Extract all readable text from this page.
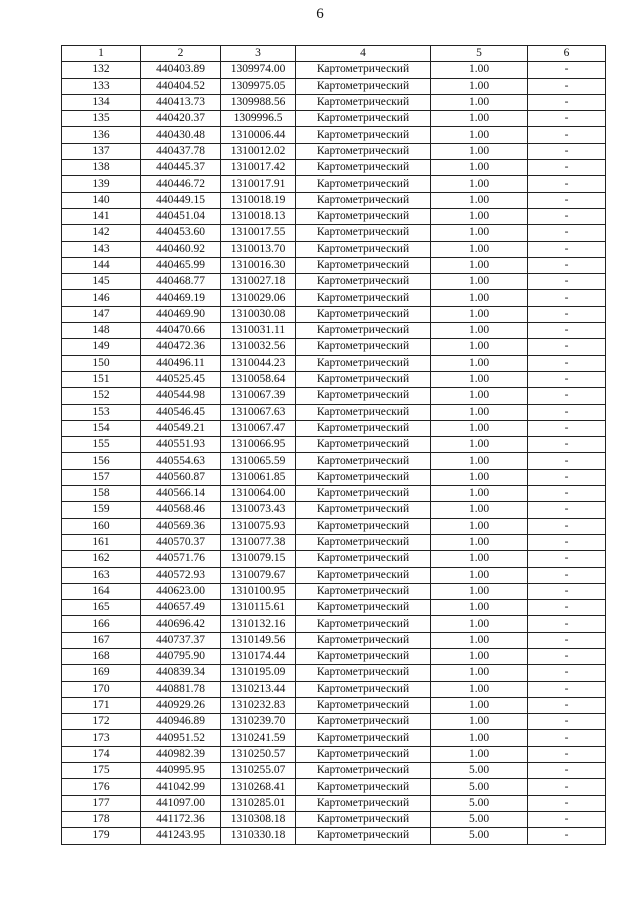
6
1	2	3	4	5	6
132	440403.89	1309974.00	Картометрический	1.00	-
133	440404.52	1309975.05	Картометрический	1.00	-
134	440413.73	1309988.56	Картометрический	1.00	-
135	440420.37	1309996.5	Картометрический	1.00	-
136	440430.48	1310006.44	Картометрический	1.00	-
137	440437.78	1310012.02	Картометрический	1.00	-
138	440445.37	1310017.42	Картометрический	1.00	-
139	440446.72	1310017.91	Картометрический	1.00	-
140	440449.15	1310018.19	Картометрический	1.00	-
141	440451.04	1310018.13	Картометрический	1.00	-
142	440453.60	1310017.55	Картометрический	1.00	-
143	440460.92	1310013.70	Картометрический	1.00	-
144	440465.99	1310016.30	Картометрический	1.00	-
145	440468.77	1310027.18	Картометрический	1.00	-
146	440469.19	1310029.06	Картометрический	1.00	-
147	440469.90	1310030.08	Картометрический	1.00	-
148	440470.66	1310031.11	Картометрический	1.00	-
149	440472.36	1310032.56	Картометрический	1.00	-
150	440496.11	1310044.23	Картометрический	1.00	-
151	440525.45	1310058.64	Картометрический	1.00	-
152	440544.98	1310067.39	Картометрический	1.00	-
153	440546.45	1310067.63	Картометрический	1.00	-
154	440549.21	1310067.47	Картометрический	1.00	-
155	440551.93	1310066.95	Картометрический	1.00	-
156	440554.63	1310065.59	Картометрический	1.00	-
157	440560.87	1310061.85	Картометрический	1.00	-
158	440566.14	1310064.00	Картометрический	1.00	-
159	440568.46	1310073.43	Картометрический	1.00	-
160	440569.36	1310075.93	Картометрический	1.00	-
161	440570.37	1310077.38	Картометрический	1.00	-
162	440571.76	1310079.15	Картометрический	1.00	-
163	440572.93	1310079.67	Картометрический	1.00	-
164	440623.00	1310100.95	Картометрический	1.00	-
165	440657.49	1310115.61	Картометрический	1.00	-
166	440696.42	1310132.16	Картометрический	1.00	-
167	440737.37	1310149.56	Картометрический	1.00	-
168	440795.90	1310174.44	Картометрический	1.00	-
169	440839.34	1310195.09	Картометрический	1.00	-
170	440881.78	1310213.44	Картометрический	1.00	-
171	440929.26	1310232.83	Картометрический	1.00	-
172	440946.89	1310239.70	Картометрический	1.00	-
173	440951.52	1310241.59	Картометрический	1.00	-
174	440982.39	1310250.57	Картометрический	1.00	-
175	440995.95	1310255.07	Картометрический	5.00	-
176	441042.99	1310268.41	Картометрический	5.00	-
177	441097.00	1310285.01	Картометрический	5.00	-
178	441172.36	1310308.18	Картометрический	5.00	-
179	441243.95	1310330.18	Картометрический	5.00	-
